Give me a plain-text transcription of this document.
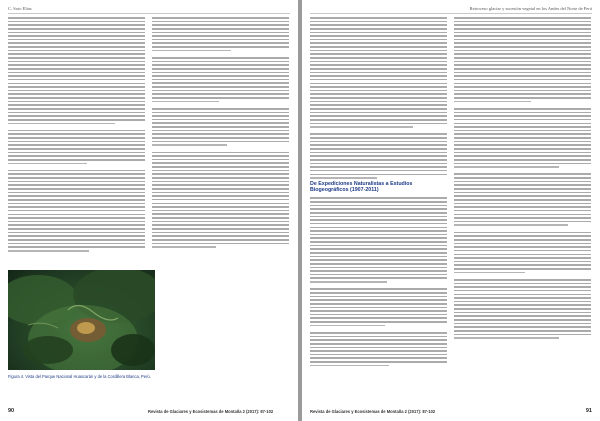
C. Soto Elias
Figura 4. Vista del Parque Nacional Huascarán y de la Cordillera Blanca, Perú.
90	Revista de Glaciares y Ecosistemas de Montaña 2 (2017): 87-102
Retroceso glaciar y sucesión vegetal en los Andes del Norte de Perú
De Expediciones Naturalistas a Estudios Biogeográficos (1907-2011)
91
Revista de Glaciares y Ecosistemas de Montaña 2 (2017): 87-102
